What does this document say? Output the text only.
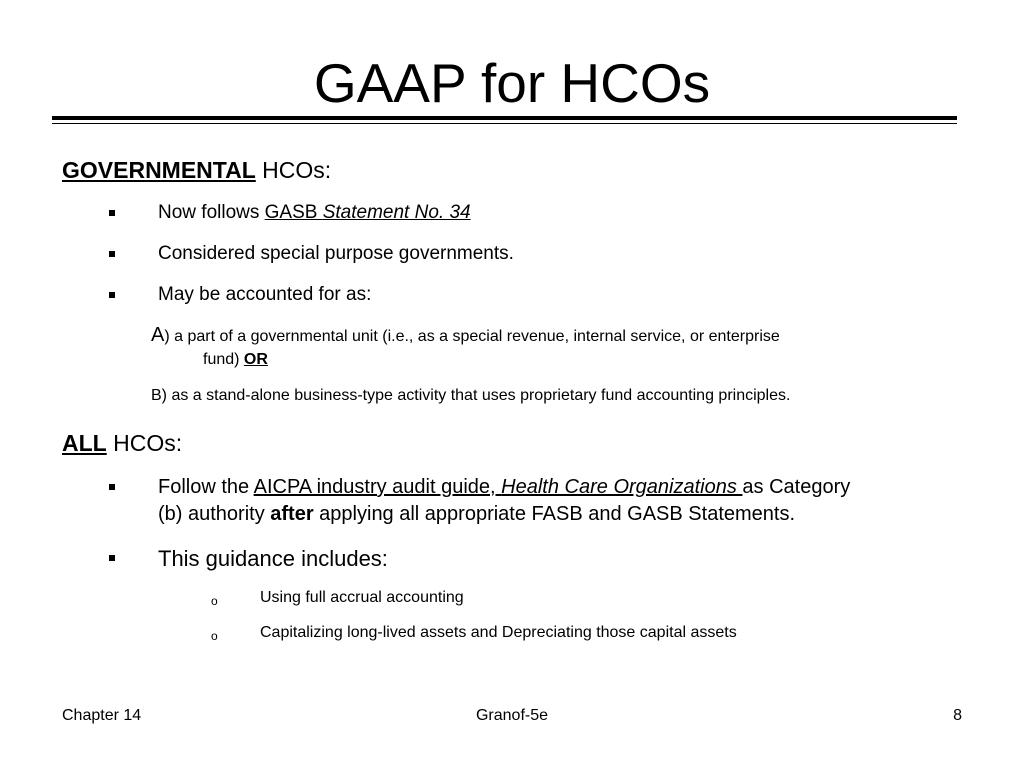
GAAP for HCOs
GOVERNMENTAL HCOs:
Now follows GASB Statement No. 34
Considered special purpose governments.
May be accounted for as:
A) a part of a governmental unit (i.e., as a special revenue, internal service, or enterprise
fund) OR
B) as a stand-alone business-type activity that uses proprietary fund accounting principles.
ALL HCOs:
Follow the AICPA industry audit guide, Health Care Organizations as Category
(b) authority after applying all appropriate FASB and GASB Statements.
This guidance includes:
o	Using full accrual accounting
o	Capitalizing long-lived assets and Depreciating those capital assets
Chapter 14	Granof-5e	8
